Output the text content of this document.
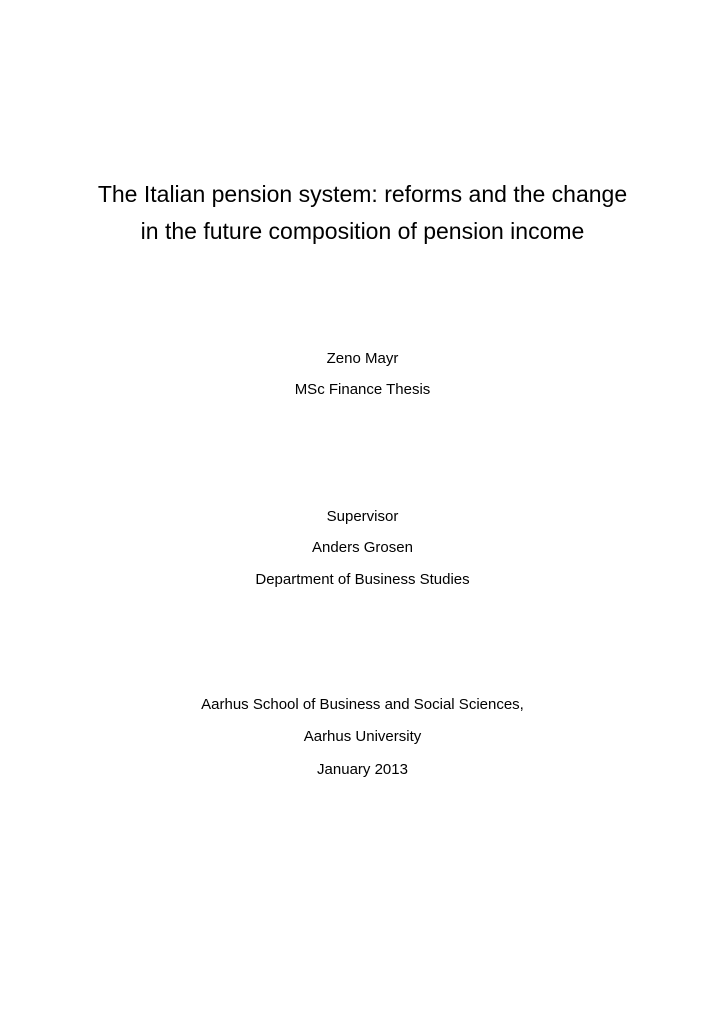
The Italian pension system: reforms and the change
in the future composition of pension income
Zeno Mayr
MSc Finance Thesis
Supervisor
Anders Grosen
Department of Business Studies
Aarhus School of Business and Social Sciences,
Aarhus University
January 2013
